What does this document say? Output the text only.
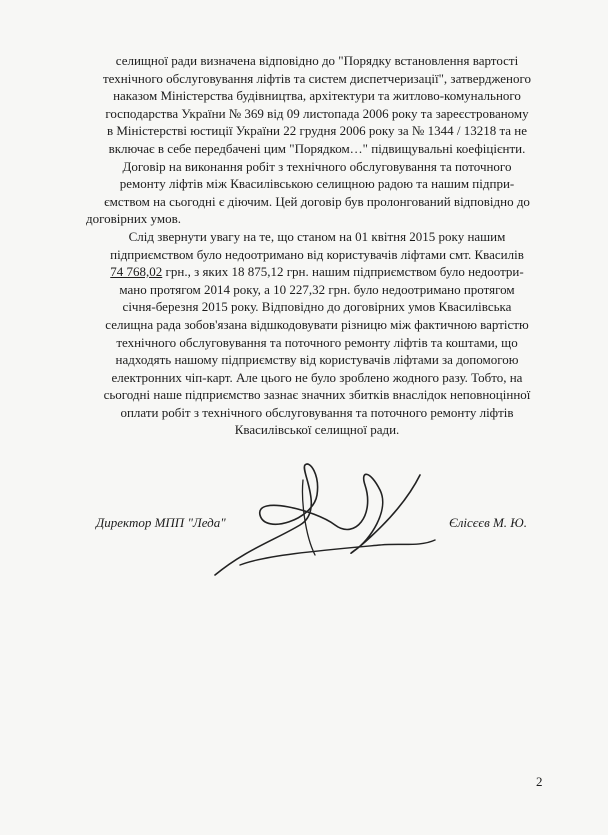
селищної ради визначена відповідно до "Порядку встановлення вартості
технічного обслуговування ліфтів та систем диспетчеризації", затвердженого
наказом Міністерства будівництва, архітектури та житлово-комунального
господарства України № 369 від 09 листопада 2006 року та зареєстрованому
в Міністерстві юстиції України 22 грудня 2006 року за № 1344 / 13218 та не
включає в себе передбачені цим "Порядком…" підвищувальні коефіцієнти.

Договір на виконання робіт з технічного обслуговування та поточного
ремонту ліфтів між Квасилівською селищною радою та нашим підпри-
ємством на сьогодні є діючим. Цей договір був пролонгований відповідно до
договірних умов.

Слід звернути увагу на те, що станом на 01 квітня 2015 року нашим
підприємством було недоотримано від користувачів ліфтами смт. Квасилів
74 768,02 грн., з яких 18 875,12 грн. нашим підприємством було недоотри-
мано протягом 2014 року, а 10 227,32 грн. було недоотримано протягом
січня-березня 2015 року. Відповідно до договірних умов Квасилівська
селищна рада зобов'язана відшкодовувати різницю між фактичною вартістю
технічного обслуговування та поточного ремонту ліфтів та коштами, що
надходять нашому підприємству від користувачів ліфтами за допомогою
електронних чіп-карт. Але цього не було зроблено жодного разу. Тобто, на
сьогодні наше підприємство зазнає значних збитків внаслідок неповноцінної
оплати робіт з технічного обслуговування та поточного ремонту ліфтів
Квасилівської селищної ради.

Директор МПП "Леда"	Єлісєєв М. Ю.
2
